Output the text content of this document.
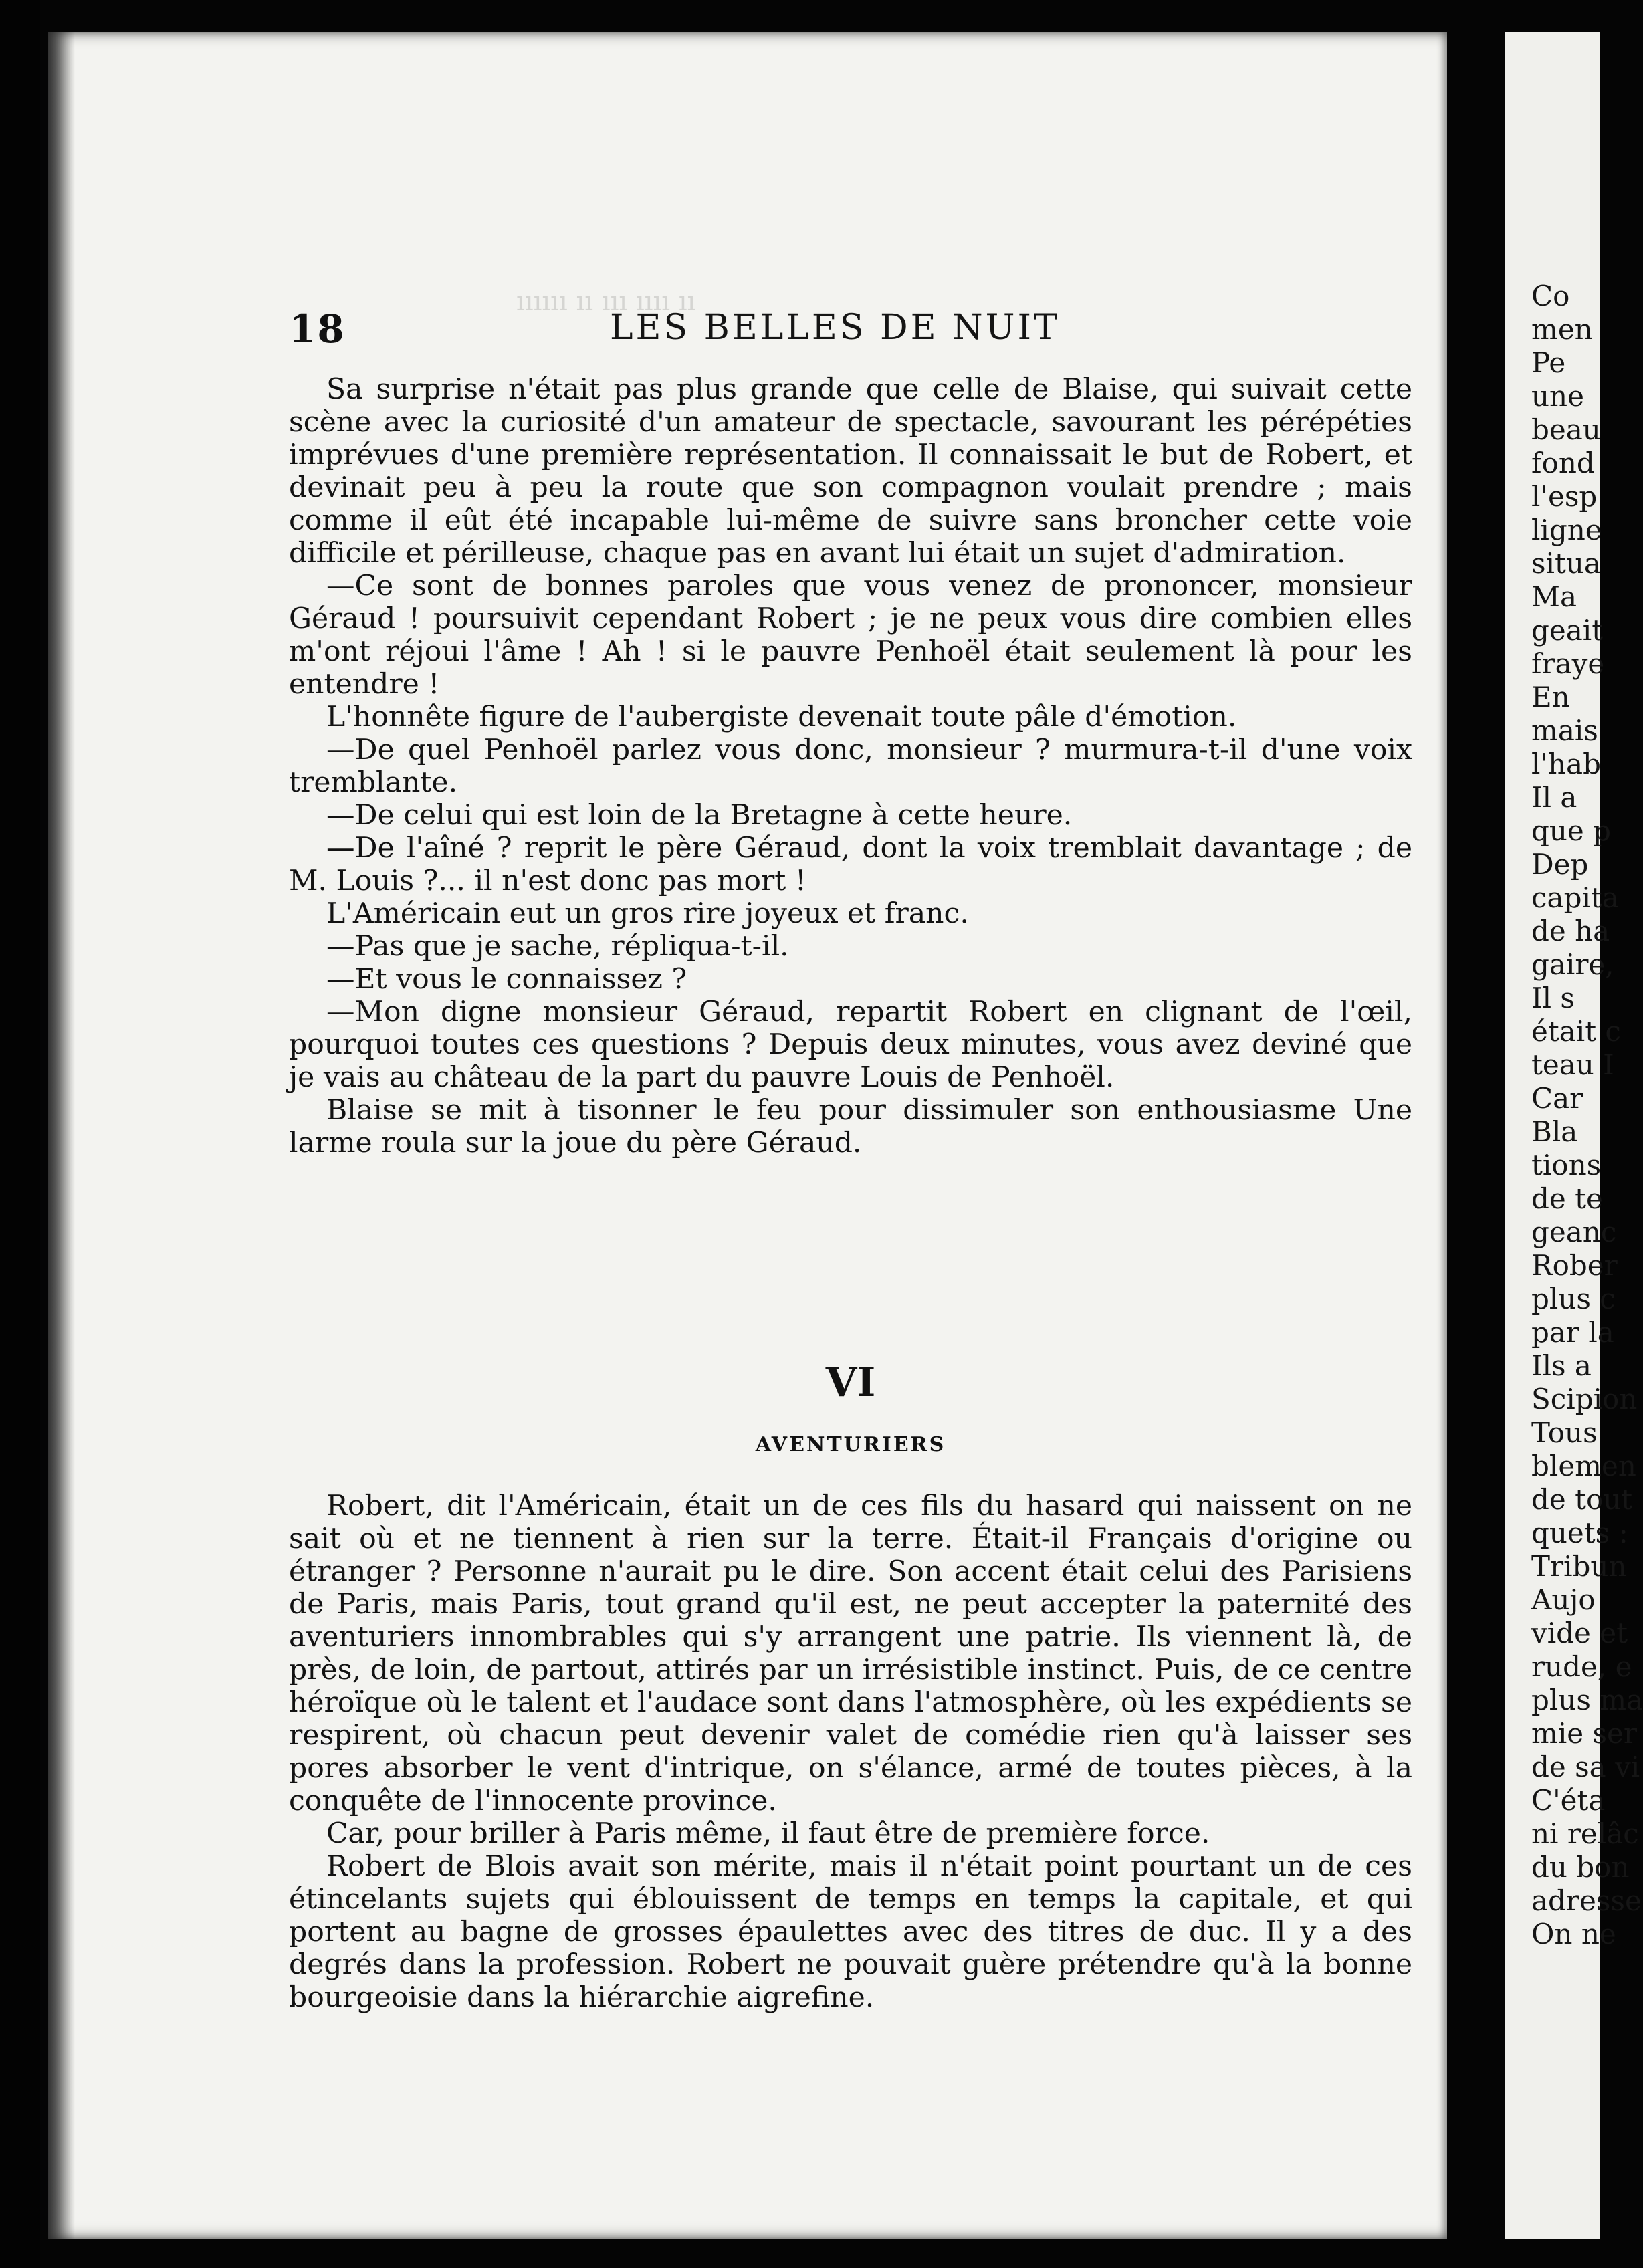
ıııııı ıı ııı ıııı ıı
18	LES BELLES DE NUIT

Sa surprise n'était pas plus grande que celle de Blaise, qui suivait cette scène avec la curiosité d'un amateur de spectacle, savourant les pérépéties imprévues d'une première représentation. Il connaissait le but de Robert, et devinait peu à peu la route que son compagnon voulait prendre ; mais comme il eût été incapable lui-même de suivre sans broncher cette voie difficile et périlleuse, chaque pas en avant lui était un sujet d'admiration.

—Ce sont de bonnes paroles que vous venez de prononcer, monsieur Géraud ! poursuivit cependant Robert ; je ne peux vous dire combien elles m'ont réjoui l'âme ! Ah ! si le pauvre Penhoël était seulement là pour les entendre !

L'honnête figure de l'aubergiste devenait toute pâle d'émotion.

—De quel Penhoël parlez vous donc, monsieur ? murmura-t-il d'une voix tremblante.

—De celui qui est loin de la Bretagne à cette heure.

—De l'aîné ? reprit le père Géraud, dont la voix tremblait davantage ; de M. Louis ?... il n'est donc pas mort !

L'Américain eut un gros rire joyeux et franc.

—Pas que je sache, répliqua-t-il.

—Et vous le connaissez ?

—Mon digne monsieur Géraud, repartit Robert en clignant de l'œil, pourquoi toutes ces questions ? Depuis deux minutes, vous avez deviné que je vais au château de la part du pauvre Louis de Penhoël.

Blaise se mit à tisonner le feu pour dissimuler son enthousiasme Une larme roula sur la joue du père Géraud.

VI
AVENTURIERS

Robert, dit l'Américain, était un de ces fils du hasard qui naissent on ne sait où et ne tiennent à rien sur la terre. Était-il Français d'origine ou étranger ? Personne n'aurait pu le dire. Son accent était celui des Parisiens de Paris, mais Paris, tout grand qu'il est, ne peut accepter la paternité des aventuriers innombrables qui s'y arrangent une patrie. Ils viennent là, de près, de loin, de partout, attirés par un irrésistible instinct. Puis, de ce centre héroïque où le talent et l'audace sont dans l'atmosphère, où les expédients se respirent, où chacun peut devenir valet de comédie rien qu'à laisser ses pores absorber le vent d'intrique, on s'élance, armé de toutes pièces, à la conquête de l'innocente province.

Car, pour briller à Paris même, il faut être de première force.

Robert de Blois avait son mérite, mais il n'était point pourtant un de ces étincelants sujets qui éblouissent de temps en temps la capitale, et qui portent au bagne de grosses épaulettes avec des titres de duc. Il y a des degrés dans la profession. Robert ne pouvait guère prétendre qu'à la bonne bourgeoisie dans la hiérarchie aigrefine.

Co
men
Pe
une
beau
fond
l'esp
ligne
situa
Ma
geait
fraye
En
mais
l'hab
Il a
que p
Dep
capita
de ha
gaire,
Il s
était c
teau I
Car
Bla
tions
de te
geanc
Rober
plus c
par la
Ils a
Scipion
Tous
blemen
de tout
quets :
Tribun
Aujo
vide et
rude, e
plus ma
mie ser
de sa vi
C'éta
ni relâc
du bon
adresse
On ne
